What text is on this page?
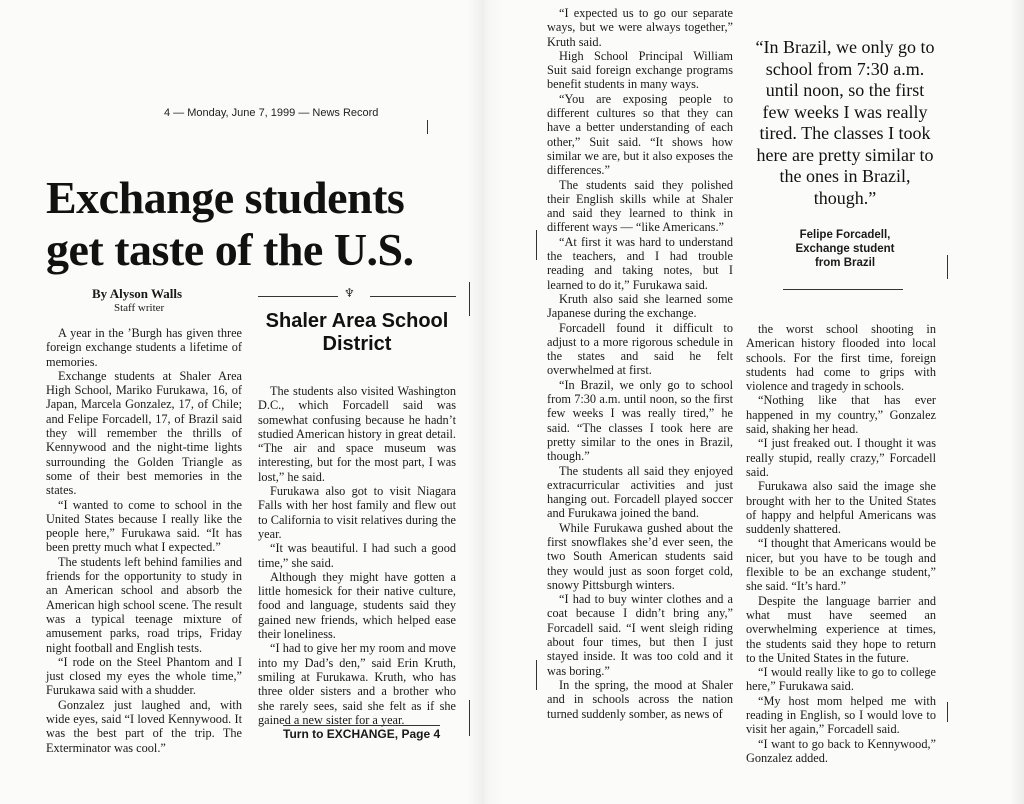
4 — Monday, June 7, 1999 — News Record
Exchange students get taste of the U.S.
By Alyson Walls
Staff writer

A year in the ’Burgh has given three foreign exchange students a lifetime of memories.

Exchange students at Shaler Area High School, Mariko Furukawa, 16, of Japan, Marcela Gonzalez, 17, of Chile; and Felipe Forcadell, 17, of Brazil said they will remember the thrills of Kennywood and the night-time lights surrounding the Golden Triangle as some of their best memories in the states.

“I wanted to come to school in the United States because I really like the people here,” Furukawa said. “It has been pretty much what I expected.”

The students left behind families and friends for the opportunity to study in an American school and absorb the American high school scene. The result was a typical teenage mixture of amusement parks, road trips, Friday night football and English tests.

“I rode on the Steel Phantom and I just closed my eyes the whole time,” Furukawa said with a shudder.

Gonzalez just laughed and, with wide eyes, said “I loved Kennywood. It was the best part of the trip. The Exterminator was cool.”

♆
Shaler Area School District

The students also visited Washington D.C., which Forcadell said was somewhat confusing because he hadn’t studied American history in great detail. “The air and space museum was interesting, but for the most part, I was lost,” he said.

Furukawa also got to visit Niagara Falls with her host family and flew out to California to visit relatives during the year.

“It was beautiful. I had such a good time,” she said.

Although they might have gotten a little homesick for their native culture, food and language, students said they gained new friends, which helped ease their loneliness.

“I had to give her my room and move into my Dad’s den,” said Erin Kruth, smiling at Furukawa. Kruth, who has three older sisters and a brother who she rarely sees, said she felt as if she gained a new sister for a year.

Turn to EXCHANGE, Page 4

“I expected us to go our separate ways, but we were always together,” Kruth said.

High School Principal William Suit said foreign exchange programs benefit students in many ways.

“You are exposing people to different cultures so that they can have a better understanding of each other,” Suit said. “It shows how similar we are, but it also exposes the differences.”

The students said they polished their English skills while at Shaler and said they learned to think in different ways — “like Americans.”

“At first it was hard to understand the teachers, and I had trouble reading and taking notes, but I learned to do it,” Furukawa said.

Kruth also said she learned some Japanese during the exchange.

Forcadell found it difficult to adjust to a more rigorous schedule in the states and said he felt overwhelmed at first.

“In Brazil, we only go to school from 7:30 a.m. until noon, so the first few weeks I was really tired,” he said. “The classes I took here are pretty similar to the ones in Brazil, though.”

The students all said they enjoyed extracurricular activities and just hanging out. Forcadell played soccer and Furukawa joined the band.

While Furukawa gushed about the first snowflakes she’d ever seen, the two South American students said they would just as soon forget cold, snowy Pittsburgh winters.

“I had to buy winter clothes and a coat because I didn’t bring any,” Forcadell said. “I went sleigh riding about four times, but then I just stayed inside. It was too cold and it was boring.”

In the spring, the mood at Shaler and in schools across the nation turned suddenly somber, as news of

“In Brazil, we only go to school from 7:30 a.m. until noon, so the first few weeks I was really tired. The classes I took here are pretty similar to the ones in Brazil, though.”

Felipe Forcadell,
Exchange student
from Brazil

the worst school shooting in American history flooded into local schools. For the first time, foreign students had come to grips with violence and tragedy in schools.

“Nothing like that has ever happened in my country,” Gonzalez said, shaking her head.

“I just freaked out. I thought it was really stupid, really crazy,” Forcadell said.

Furukawa also said the image she brought with her to the United States of happy and helpful Americans was suddenly shattered.

“I thought that Americans would be nicer, but you have to be tough and flexible to be an exchange student,” she said. “It’s hard.”

Despite the language barrier and what must have seemed an overwhelming experience at times, the students said they hope to return to the United States in the future.

“I would really like to go to college here,” Furukawa said.

“My host mom helped me with reading in English, so I would love to visit her again,” Forcadell said.

“I want to go back to Kennywood,” Gonzalez added.
